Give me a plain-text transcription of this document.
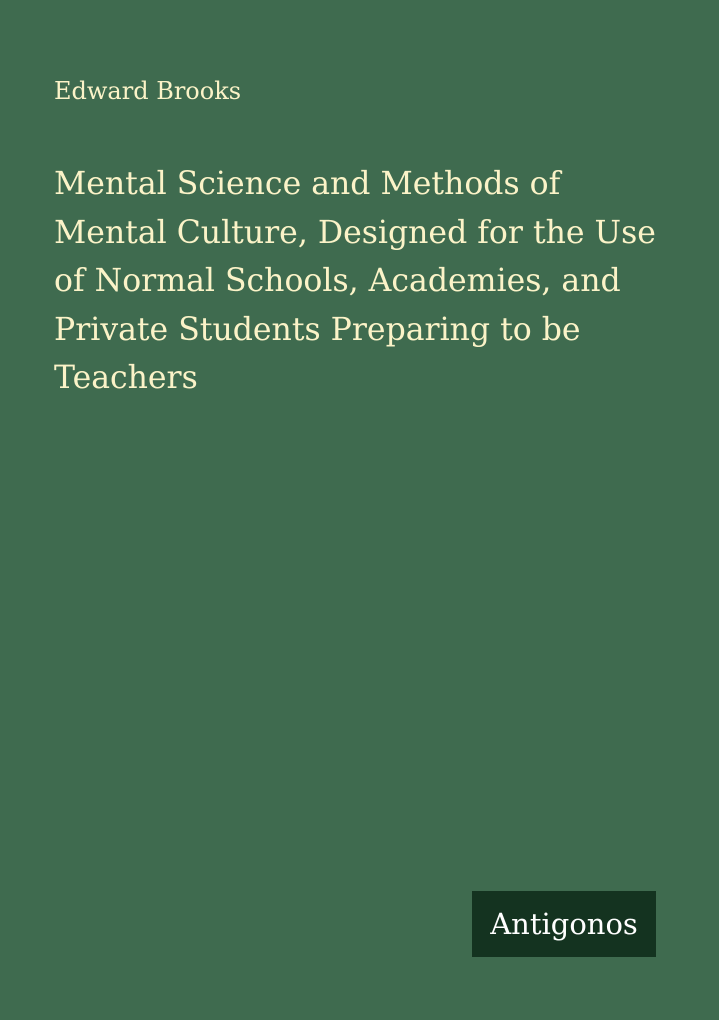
Edward Brooks
Mental Science and Methods of
Mental Culture, Designed for the Use
of Normal Schools, Academies, and
Private Students Preparing to be
Teachers
Antigonos
